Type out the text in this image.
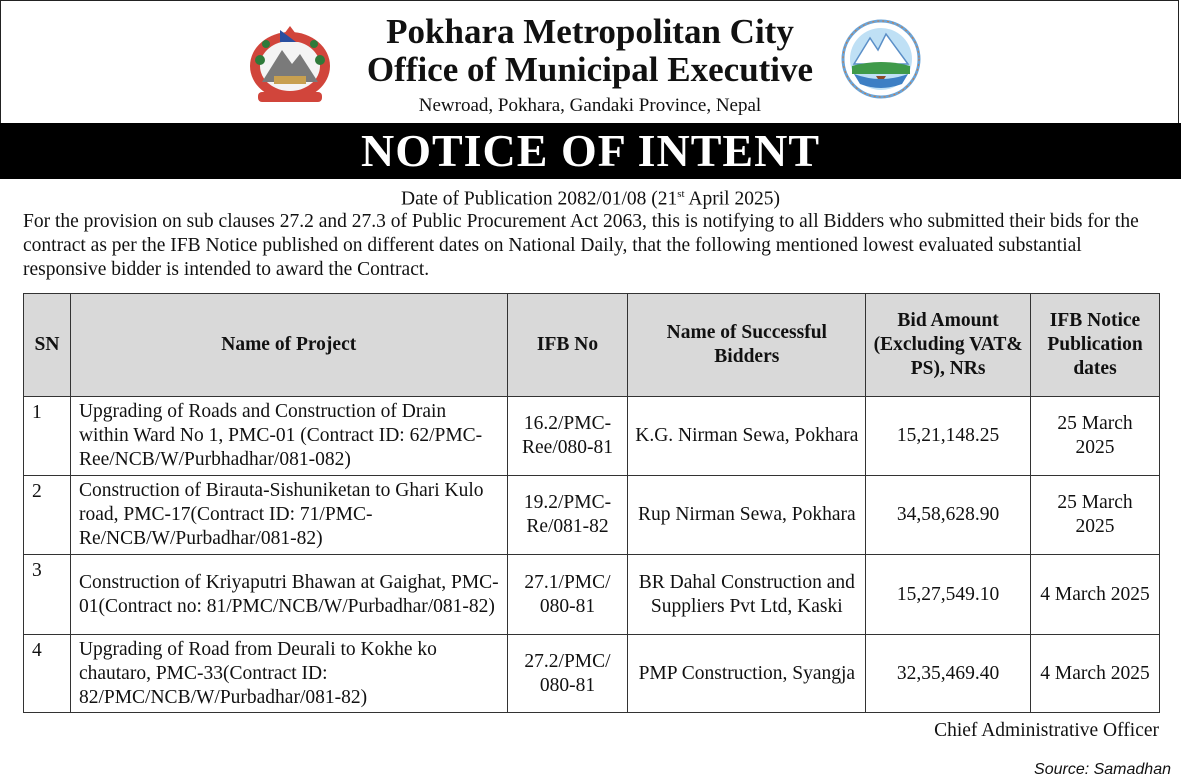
Pokhara Metropolitan City
Office of Municipal Executive
Newroad, Pokhara, Gandaki Province, Nepal
NOTICE OF INTENT
Date of Publication 2082/01/08 (21st April 2025)
For the provision on sub clauses 27.2 and 27.3 of Public Procurement Act 2063, this is notifying to all Bidders who submitted their bids for the contract as per the IFB Notice published on different dates on National Daily, that the following mentioned lowest evaluated substantial responsive bidder is intended to award the Contract.
SN	Name of Project	IFB No	Name of Successful Bidders	Bid Amount (Excluding VAT& PS), NRs	IFB Notice Publication dates
1	Upgrading of Roads and Construction of Drain within Ward No 1, PMC-01 (Contract ID: 62/PMC-Ree/NCB/W/Purbhadhar/081-082)	16.2/PMC-Ree/080-81	K.G. Nirman Sewa, Pokhara	15,21,148.25	25 March 2025
2	Construction of Birauta-Sishuniketan to Ghari Kulo road, PMC-17(Contract ID: 71/PMC-Re/NCB/W/Purbadhar/081-82)	19.2/PMC-Re/081-82	Rup Nirman Sewa, Pokhara	34,58,628.90	25 March 2025
3	Construction of Kriyaputri Bhawan at Gaighat, PMC-01(Contract no: 81/PMC/NCB/W/Purbadhar/081-82)	27.1/PMC/ 080-81	BR Dahal Construction and Suppliers Pvt Ltd, Kaski	15,27,549.10	4 March 2025
4	Upgrading of Road from Deurali to Kokhe ko chautaro, PMC-33(Contract ID: 82/PMC/NCB/W/Purbadhar/081-82)	27.2/PMC/ 080-81	PMP Construction, Syangja	32,35,469.40	4 March 2025
Chief Administrative Officer
Source: Samadhan
